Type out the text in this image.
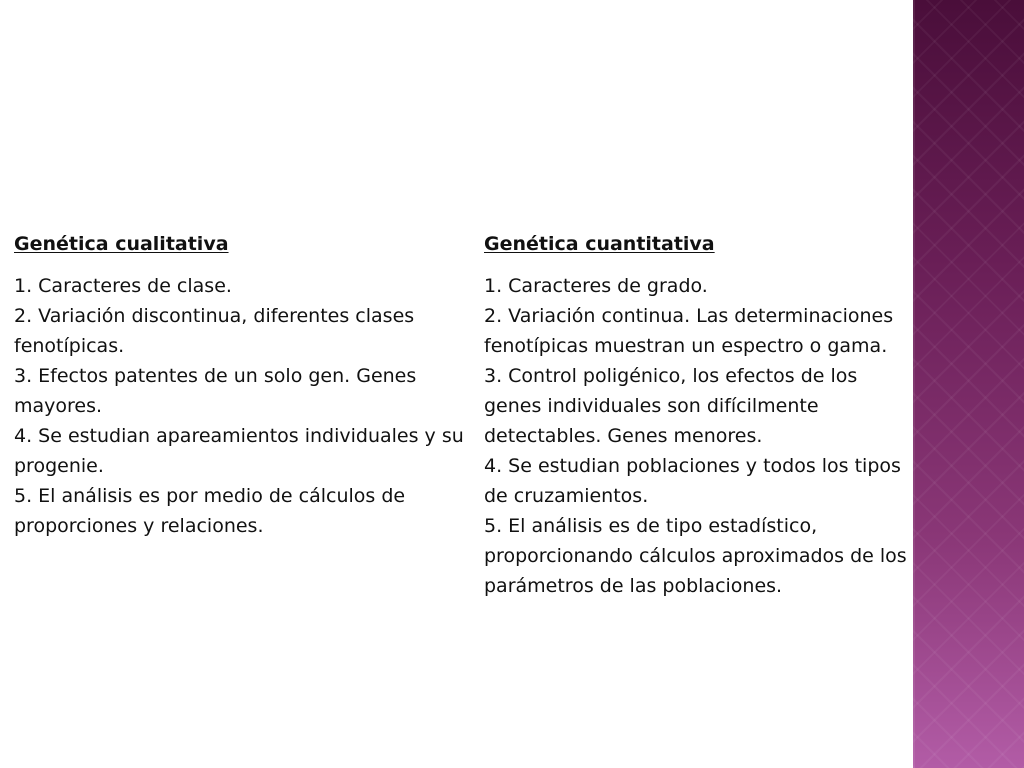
Genética cualitativa
1. Caracteres de clase.
2. Variación discontinua, diferentes clases fenotípicas.
3. Efectos patentes de un solo gen. Genes mayores.
4. Se estudian apareamientos individuales y su progenie.
5. El análisis es por medio de cálculos de proporciones y relaciones.
Genética cuantitativa
1. Caracteres de grado.
2. Variación continua. Las determinaciones fenotípicas muestran un espectro o gama.
3. Control poligénico, los efectos de los genes individuales son difícilmente detectables. Genes menores.
4. Se estudian poblaciones y todos los tipos de cruzamientos.
5. El análisis es de tipo estadístico, proporcionando cálculos aproximados de los parámetros de las poblaciones.
